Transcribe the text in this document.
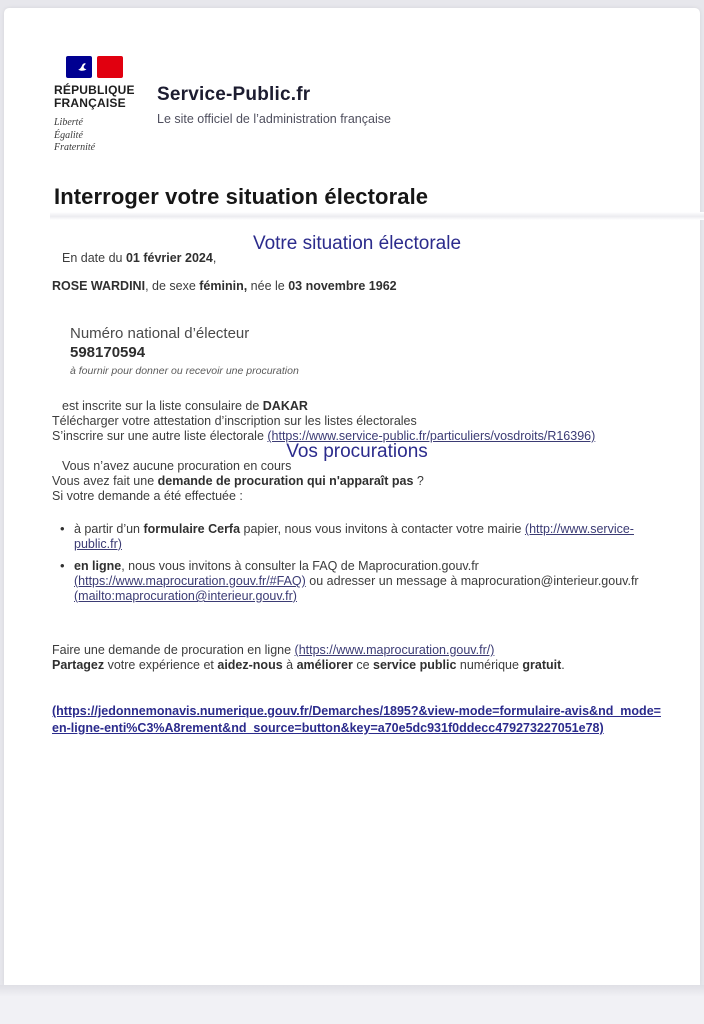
RÉPUBLIQUE
FRANÇAISE
Liberté
Égalité
Fraternité
Service-Public.fr
Le site officiel de l’administration française
Interroger votre situation électorale
Votre situation électorale

En date du 01 février 2024,

ROSE WARDINI, de sexe féminin, née le 03 novembre 1962

Numéro national d’électeur
598170594
à fournir pour donner ou recevoir une procuration

est inscrite sur la liste consulaire de DAKAR

Télécharger votre attestation d’inscription sur les listes électorales

S’inscrire sur une autre liste électorale (https://www.service-public.fr/particuliers/vosdroits/R16396)

Vos procurations

Vous n’avez aucune procuration en cours

Vous avez fait une demande de procuration qui n'apparaît pas ?

Si votre demande a été effectuée :

• à partir d’un formulaire Cerfa papier, nous vous invitons à contacter votre mairie (http://www.service-public.fr)
• en ligne, nous vous invitons à consulter la FAQ de Maprocuration.gouv.fr (https://www.maprocuration.gouv.fr/#FAQ) ou adresser un message à maprocuration@interieur.gouv.fr (mailto:maprocuration@interieur.gouv.fr)

Faire une demande de procuration en ligne (https://www.maprocuration.gouv.fr/)

Partagez votre expérience et aidez-nous à améliorer ce service public numérique gratuit.

(https://jedonnemonavis.numerique.gouv.fr/Demarches/1895?&view-mode=formulaire-avis&nd_mode=en-ligne-enti%C3%A8rement&nd_source=button&key=a70e5dc931f0ddecc479273227051e78)
